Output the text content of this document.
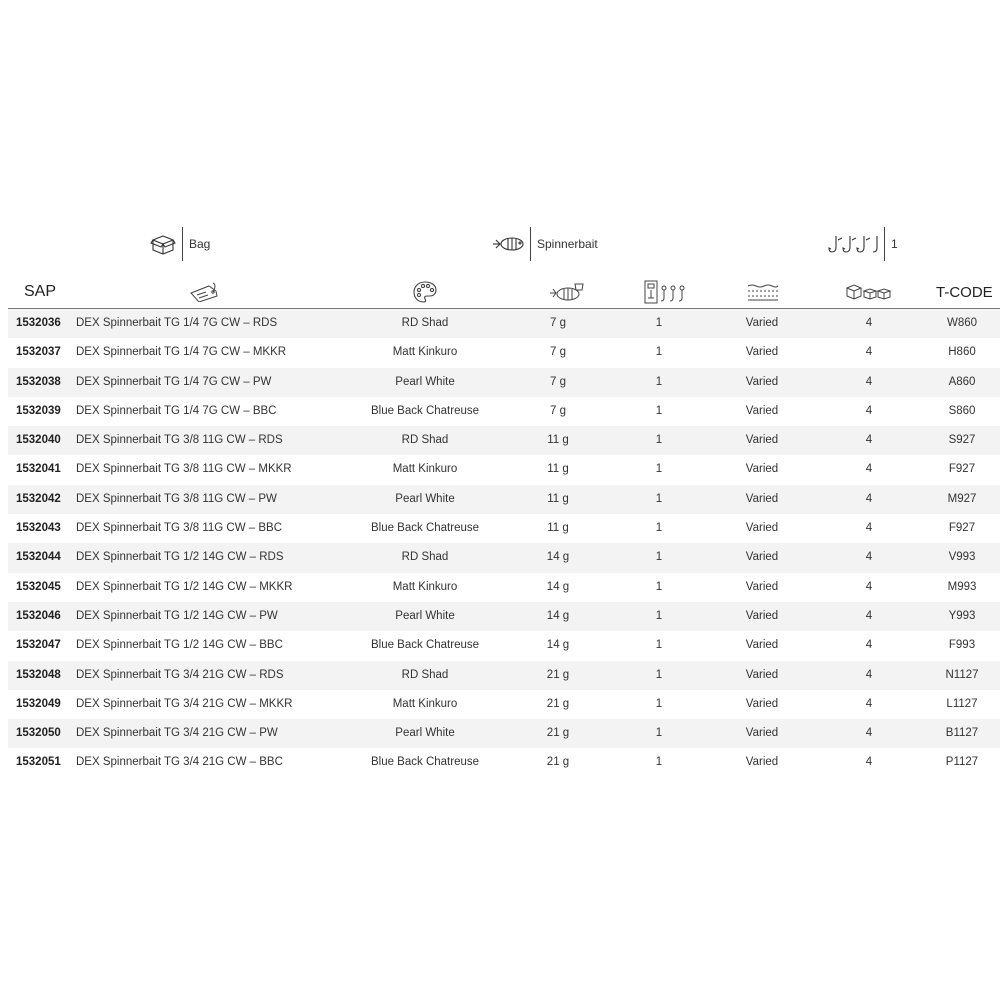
Bag	Spinnerbait	1
SAP	T-CODE
1532036 DEX Spinnerbait TG 1/4 7G CW – RDS	RD Shad	7 g	1	Varied	4	W860
1532037 DEX Spinnerbait TG 1/4 7G CW – MKKR	Matt Kinkuro	7 g	1	Varied	4	H860
1532038 DEX Spinnerbait TG 1/4 7G CW – PW	Pearl White	7 g	1	Varied	4	A860
1532039 DEX Spinnerbait TG 1/4 7G CW – BBC	Blue Back Chatreuse	7 g	1	Varied	4	S860
1532040 DEX Spinnerbait TG 3/8 11G CW – RDS	RD Shad	11 g	1	Varied	4	S927
1532041 DEX Spinnerbait TG 3/8 11G CW – MKKR	Matt Kinkuro	11 g	1	Varied	4	F927
1532042 DEX Spinnerbait TG 3/8 11G CW – PW	Pearl White	11 g	1	Varied	4	M927
1532043 DEX Spinnerbait TG 3/8 11G CW – BBC	Blue Back Chatreuse	11 g	1	Varied	4	F927
1532044 DEX Spinnerbait TG 1/2 14G CW – RDS	RD Shad	14 g	1	Varied	4	V993
1532045 DEX Spinnerbait TG 1/2 14G CW – MKKR	Matt Kinkuro	14 g	1	Varied	4	M993
1532046 DEX Spinnerbait TG 1/2 14G CW – PW	Pearl White	14 g	1	Varied	4	Y993
1532047 DEX Spinnerbait TG 1/2 14G CW – BBC	Blue Back Chatreuse	14 g	1	Varied	4	F993
1532048 DEX Spinnerbait TG 3/4 21G CW – RDS	RD Shad	21 g	1	Varied	4	N1127
1532049 DEX Spinnerbait TG 3/4 21G CW – MKKR	Matt Kinkuro	21 g	1	Varied	4	L1127
1532050 DEX Spinnerbait TG 3/4 21G CW – PW	Pearl White	21 g	1	Varied	4	B1127
1532051 DEX Spinnerbait TG 3/4 21G CW – BBC	Blue Back Chatreuse	21 g	1	Varied	4	P1127
